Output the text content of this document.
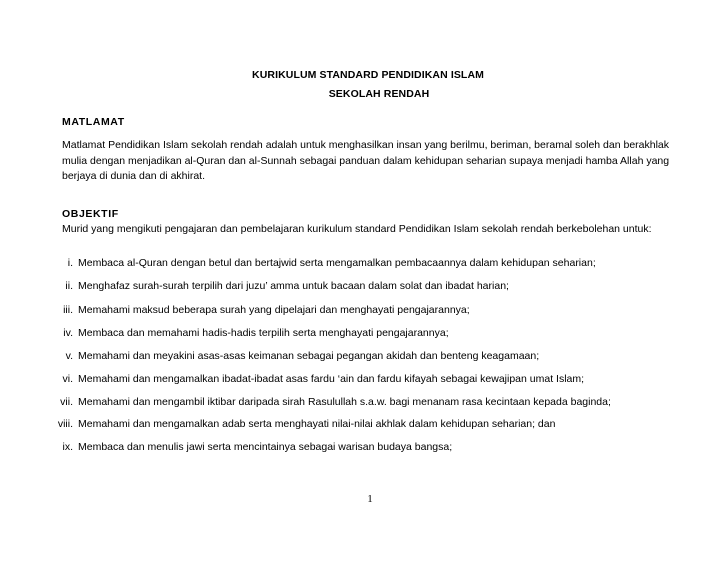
KURIKULUM STANDARD PENDIDIKAN ISLAM
SEKOLAH RENDAH
MATLAMAT
Matlamat Pendidikan Islam sekolah rendah adalah untuk menghasilkan insan yang berilmu, beriman, beramal soleh dan berakhlak mulia dengan menjadikan al-Quran dan al-Sunnah sebagai panduan dalam kehidupan seharian supaya menjadi hamba Allah yang berjaya di dunia dan di akhirat.
OBJEKTIF
Murid yang mengikuti pengajaran dan pembelajaran kurikulum standard Pendidikan Islam sekolah rendah berkebolehan untuk:
i. Membaca al-Quran dengan betul dan bertajwid serta mengamalkan pembacaannya dalam kehidupan seharian;
ii. Menghafaz surah-surah terpilih dari juzu’ amma untuk bacaan dalam solat dan ibadat harian;
iii. Memahami maksud beberapa surah yang dipelajari dan menghayati pengajarannya;
iv. Membaca dan memahami hadis-hadis terpilih serta menghayati pengajarannya;
v. Memahami dan meyakini asas-asas keimanan sebagai pegangan akidah dan benteng keagamaan;
vi. Memahami dan mengamalkan ibadat-ibadat asas fardu ‘ain dan fardu kifayah sebagai kewajipan umat Islam;
vii. Memahami dan mengambil iktibar daripada sirah Rasulullah s.a.w. bagi menanam rasa kecintaan kepada baginda;
viii. Memahami dan mengamalkan adab serta menghayati nilai-nilai akhlak dalam kehidupan seharian; dan
ix. Membaca dan menulis jawi serta mencintainya sebagai warisan budaya bangsa;
1
